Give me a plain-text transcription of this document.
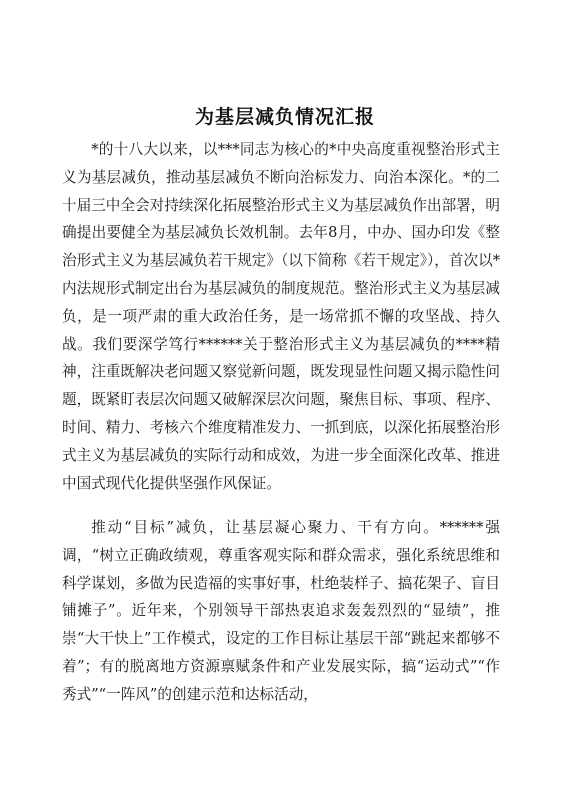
为基层减负情况汇报

*的十八大以来，以***同志为核心的*中央高度重视整治形式主义为基层减负，推动基层减负不断向治标发力、向治本深化。*的二十届三中全会对持续深化拓展整治形式主义为基层减负作出部署，明确提出要健全为基层减负长效机制。去年8月，中办、国办印发《整治形式主义为基层减负若干规定》（以下简称《若干规定》），首次以*内法规形式制定出台为基层减负的制度规范。整治形式主义为基层减负，是一项严肃的重大政治任务，是一场常抓不懈的攻坚战、持久战。我们要深学笃行******关于整治形式主义为基层减负的****精神，注重既解决老问题又察觉新问题，既发现显性问题又揭示隐性问题，既紧盯表层次问题又破解深层次问题，聚焦目标、事项、程序、时间、精力、考核六个维度精准发力、一抓到底，以深化拓展整治形式主义为基层减负的实际行动和成效，为进一步全面深化改革、推进中国式现代化提供坚强作风保证。

推动“目标”减负，让基层凝心聚力、干有方向。******强调，“树立正确政绩观，尊重客观实际和群众需求，强化系统思维和科学谋划，多做为民造福的实事好事，杜绝装样子、搞花架子、盲目铺摊子”。近年来，个别领导干部热衷追求轰轰烈烈的“显绩”，推崇“大干快上”工作模式，设定的工作目标让基层干部“跳起来都够不着”；有的脱离地方资源禀赋条件和产业发展实际，搞“运动式”“作秀式”“一阵风”的创建示范和达标活动，
